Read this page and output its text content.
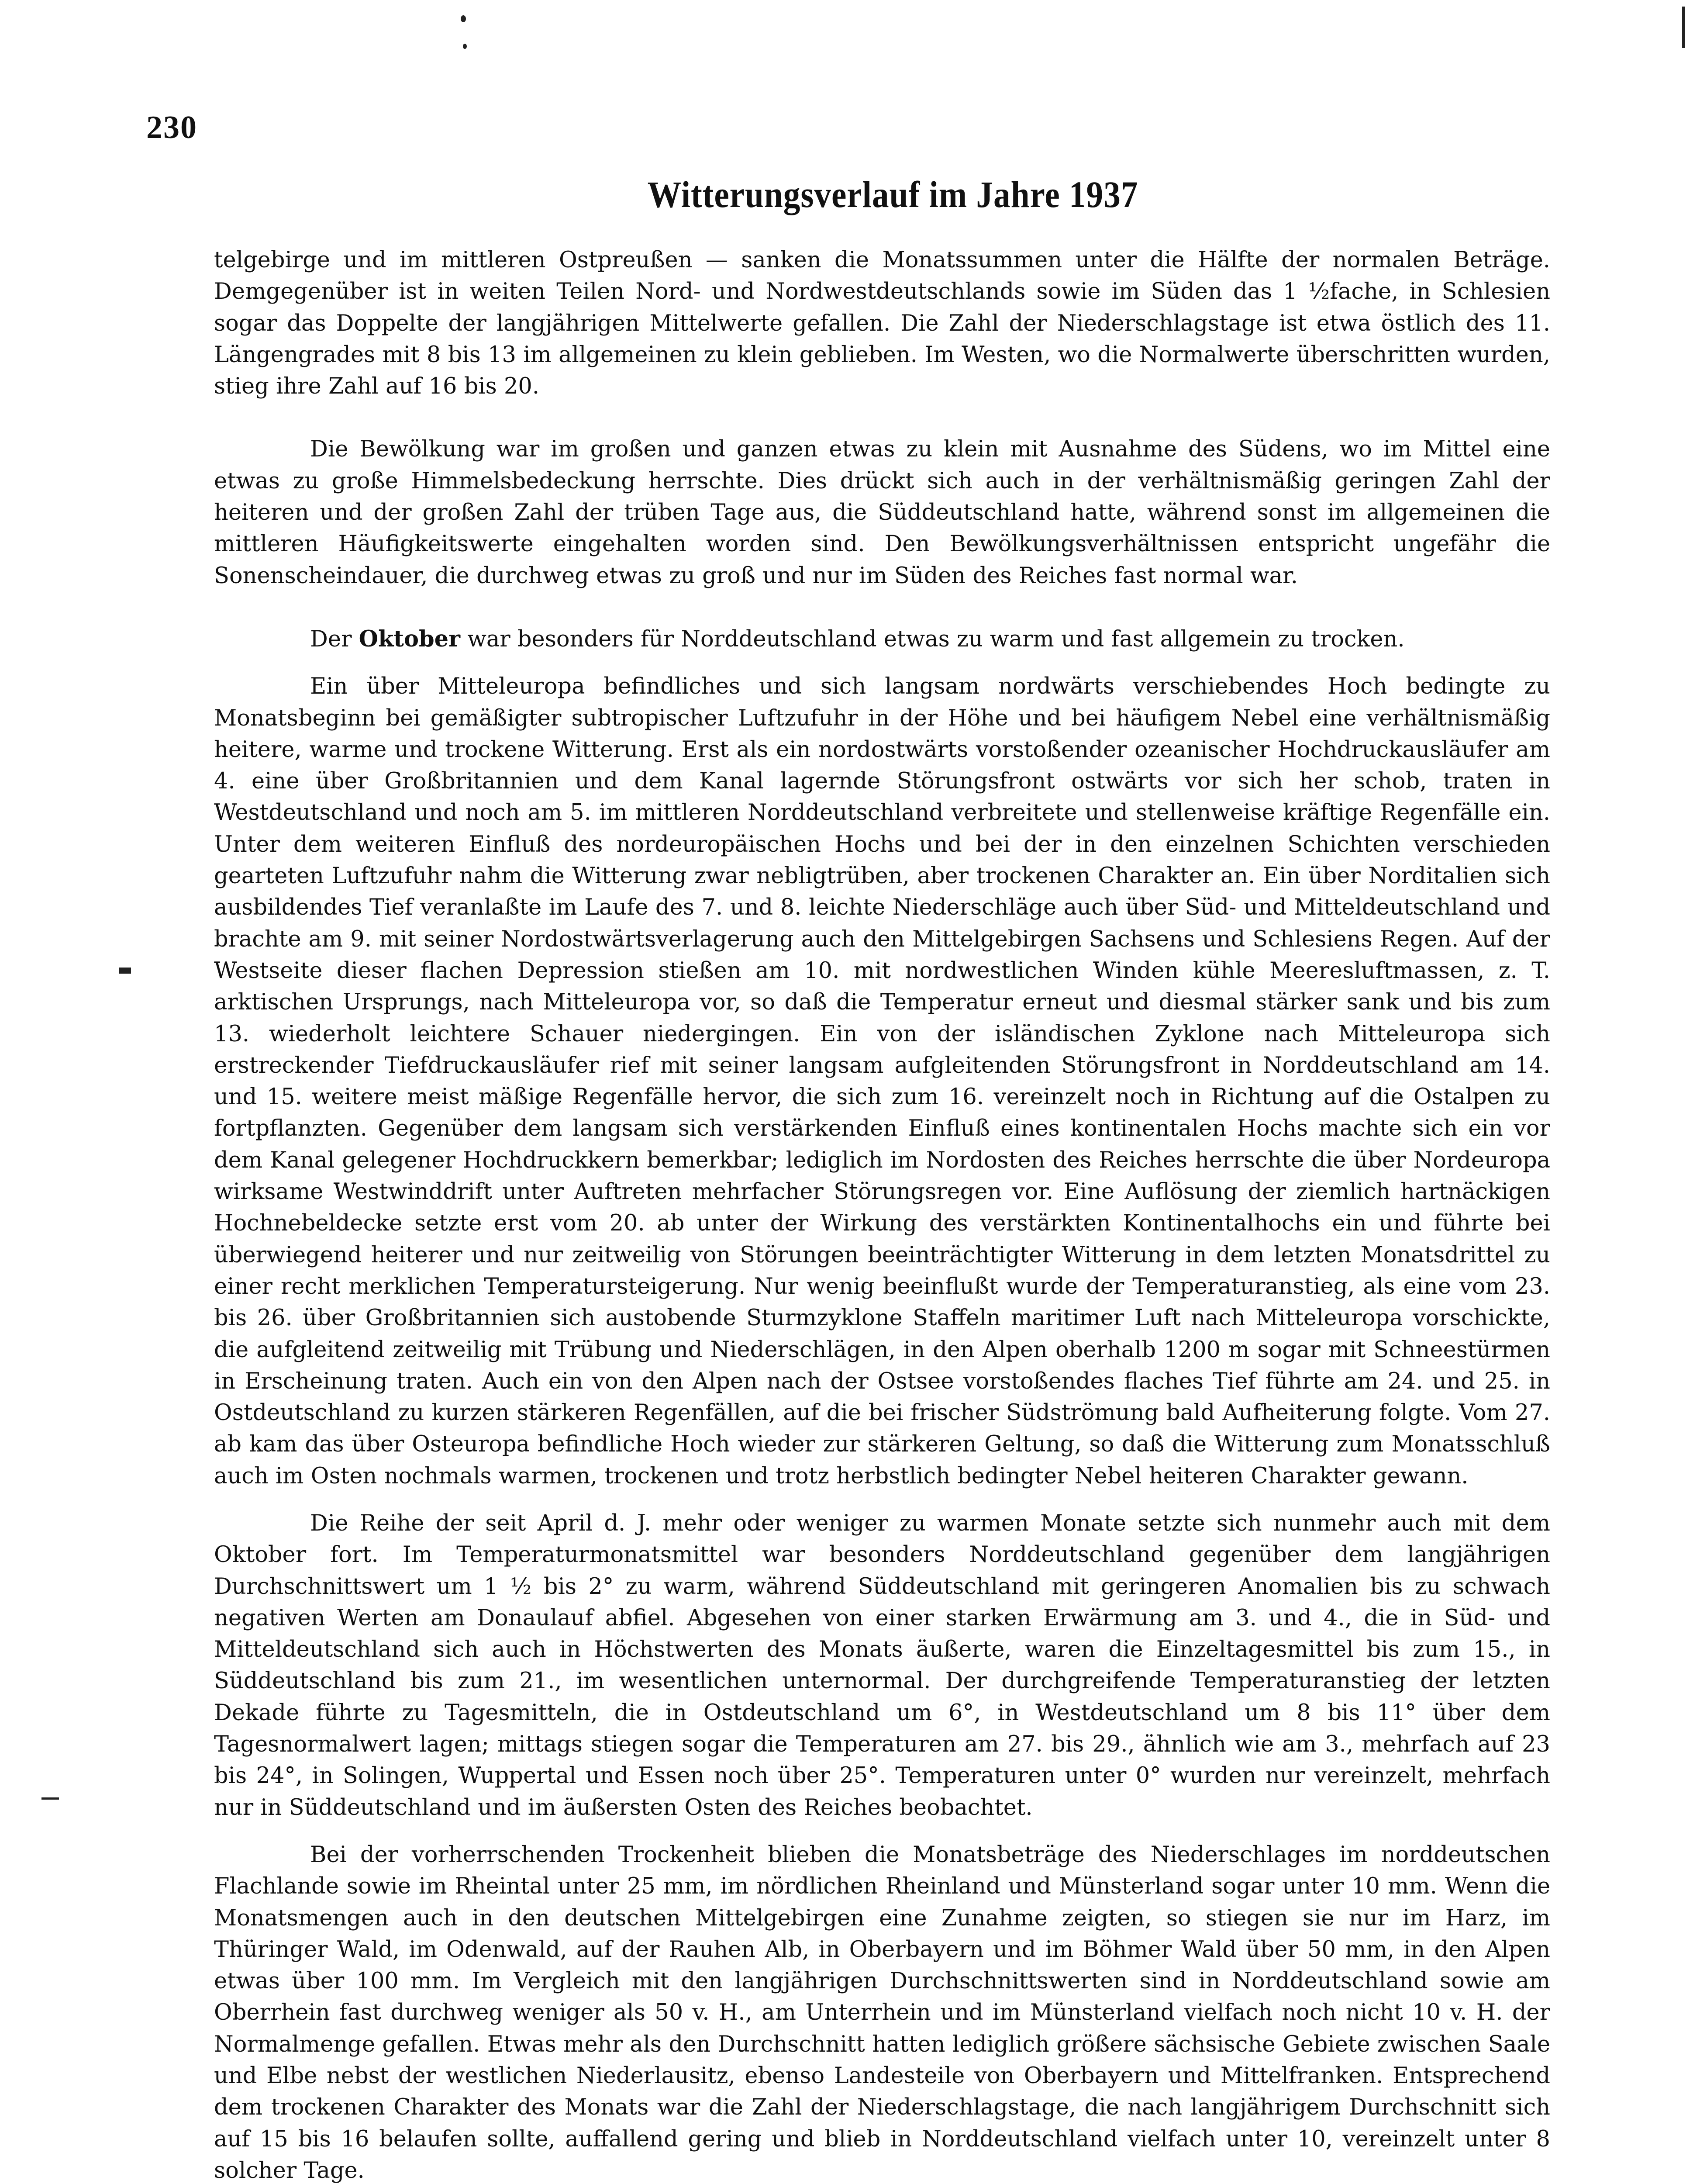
230
Witterungsverlauf im Jahre 1937

telgebirge und im mittleren Ostpreußen — sanken die Monatssummen unter die Hälfte der normalen Beträge. Demgegenüber ist in weiten Teilen Nord- und Nordwestdeutschlands sowie im Süden das 1 ½fache, in Schlesien sogar das Doppelte der langjährigen Mittelwerte gefallen. Die Zahl der Niederschlagstage ist etwa östlich des 11. Längengrades mit 8 bis 13 im allgemeinen zu klein geblieben. Im Westen, wo die Normalwerte überschritten wurden, stieg ihre Zahl auf 16 bis 20.

Die Bewölkung war im großen und ganzen etwas zu klein mit Ausnahme des Südens, wo im Mittel eine etwas zu große Himmelsbedeckung herrschte. Dies drückt sich auch in der verhältnismäßig geringen Zahl der heiteren und der großen Zahl der trüben Tage aus, die Süddeutschland hatte, während sonst im allgemeinen die mittleren Häufigkeitswerte eingehalten worden sind. Den Bewölkungsverhältnissen entspricht ungefähr die Sonenscheindauer, die durchweg etwas zu groß und nur im Süden des Reiches fast normal war.

Der Oktober war besonders für Norddeutschland etwas zu warm und fast allgemein zu trocken.

Ein über Mitteleuropa befindliches und sich langsam nordwärts verschiebendes Hoch bedingte zu Monatsbeginn bei gemäßigter subtropischer Luftzufuhr in der Höhe und bei häufigem Nebel eine verhältnismäßig heitere, warme und trockene Witterung. Erst als ein nordostwärts vorstoßender ozeanischer Hochdruckausläufer am 4. eine über Großbritannien und dem Kanal lagernde Störungsfront ostwärts vor sich her schob, traten in Westdeutschland und noch am 5. im mittleren Norddeutschland verbreitete und stellenweise kräftige Regenfälle ein. Unter dem weiteren Einfluß des nordeuropäischen Hochs und bei der in den einzelnen Schichten verschieden gearteten Luftzufuhr nahm die Witterung zwar nebligtrüben, aber trockenen Charakter an. Ein über Norditalien sich ausbildendes Tief veranlaßte im Laufe des 7. und 8. leichte Niederschläge auch über Süd- und Mitteldeutschland und brachte am 9. mit seiner Nordostwärtsverlagerung auch den Mittelgebirgen Sachsens und Schlesiens Regen. Auf der Westseite dieser flachen Depression stießen am 10. mit nordwestlichen Winden kühle Meeresluftmassen, z. T. arktischen Ursprungs, nach Mitteleuropa vor, so daß die Temperatur erneut und diesmal stärker sank und bis zum 13. wiederholt leichtere Schauer niedergingen. Ein von der isländischen Zyklone nach Mitteleuropa sich erstreckender Tiefdruckausläufer rief mit seiner langsam aufgleitenden Störungsfront in Norddeutschland am 14. und 15. weitere meist mäßige Regenfälle hervor, die sich zum 16. vereinzelt noch in Richtung auf die Ostalpen zu fortpflanzten. Gegenüber dem langsam sich verstärkenden Einfluß eines kontinentalen Hochs machte sich ein vor dem Kanal gelegener Hochdruckkern bemerkbar; lediglich im Nordosten des Reiches herrschte die über Nordeuropa wirksame Westwinddrift unter Auftreten mehrfacher Störungsregen vor. Eine Auflösung der ziemlich hartnäckigen Hochnebeldecke setzte erst vom 20. ab unter der Wirkung des verstärkten Kontinentalhochs ein und führte bei überwiegend heiterer und nur zeitweilig von Störungen beeinträchtigter Witterung in dem letzten Monatsdrittel zu einer recht merklichen Temperatursteigerung. Nur wenig beeinflußt wurde der Temperaturanstieg, als eine vom 23. bis 26. über Großbritannien sich austobende Sturmzyklone Staffeln maritimer Luft nach Mitteleuropa vorschickte, die aufgleitend zeitweilig mit Trübung und Niederschlägen, in den Alpen oberhalb 1200 m sogar mit Schneestürmen in Erscheinung traten. Auch ein von den Alpen nach der Ostsee vorstoßendes flaches Tief führte am 24. und 25. in Ostdeutschland zu kurzen stärkeren Regenfällen, auf die bei frischer Südströmung bald Aufheiterung folgte. Vom 27. ab kam das über Osteuropa befindliche Hoch wieder zur stärkeren Geltung, so daß die Witterung zum Monatsschluß auch im Osten nochmals warmen, trockenen und trotz herbstlich bedingter Nebel heiteren Charakter gewann.

Die Reihe der seit April d. J. mehr oder weniger zu warmen Monate setzte sich nunmehr auch mit dem Oktober fort. Im Temperaturmonatsmittel war besonders Norddeutschland gegenüber dem langjährigen Durchschnittswert um 1 ½ bis 2° zu warm, während Süddeutschland mit geringeren Anomalien bis zu schwach negativen Werten am Donaulauf abfiel. Abgesehen von einer starken Erwärmung am 3. und 4., die in Süd- und Mitteldeutschland sich auch in Höchstwerten des Monats äußerte, waren die Einzeltagesmittel bis zum 15., in Süddeutschland bis zum 21., im wesentlichen unternormal. Der durchgreifende Temperaturanstieg der letzten Dekade führte zu Tagesmitteln, die in Ostdeutschland um 6°, in Westdeutschland um 8 bis 11° über dem Tagesnormalwert lagen; mittags stiegen sogar die Temperaturen am 27. bis 29., ähnlich wie am 3., mehrfach auf 23 bis 24°, in Solingen, Wuppertal und Essen noch über 25°. Temperaturen unter 0° wurden nur vereinzelt, mehrfach nur in Süddeutschland und im äußersten Osten des Reiches beobachtet.

Bei der vorherrschenden Trockenheit blieben die Monatsbeträge des Niederschlages im norddeutschen Flachlande sowie im Rheintal unter 25 mm, im nördlichen Rheinland und Münsterland sogar unter 10 mm. Wenn die Monatsmengen auch in den deutschen Mittelgebirgen eine Zunahme zeigten, so stiegen sie nur im Harz, im Thüringer Wald, im Odenwald, auf der Rauhen Alb, in Oberbayern und im Böhmer Wald über 50 mm, in den Alpen etwas über 100 mm. Im Vergleich mit den langjährigen Durchschnittswerten sind in Norddeutschland sowie am Oberrhein fast durchweg weniger als 50 v. H., am Unterrhein und im Münsterland vielfach noch nicht 10 v. H. der Normalmenge gefallen. Etwas mehr als den Durchschnitt hatten lediglich größere sächsische Gebiete zwischen Saale und Elbe nebst der westlichen Niederlausitz, ebenso Landesteile von Oberbayern und Mittelfranken. Entsprechend dem trockenen Charakter des Monats war die Zahl der Niederschlagstage, die nach langjährigem Durchschnitt sich auf 15 bis 16 belaufen sollte, auffallend gering und blieb in Norddeutschland vielfach unter 10, vereinzelt unter 8 solcher Tage.
